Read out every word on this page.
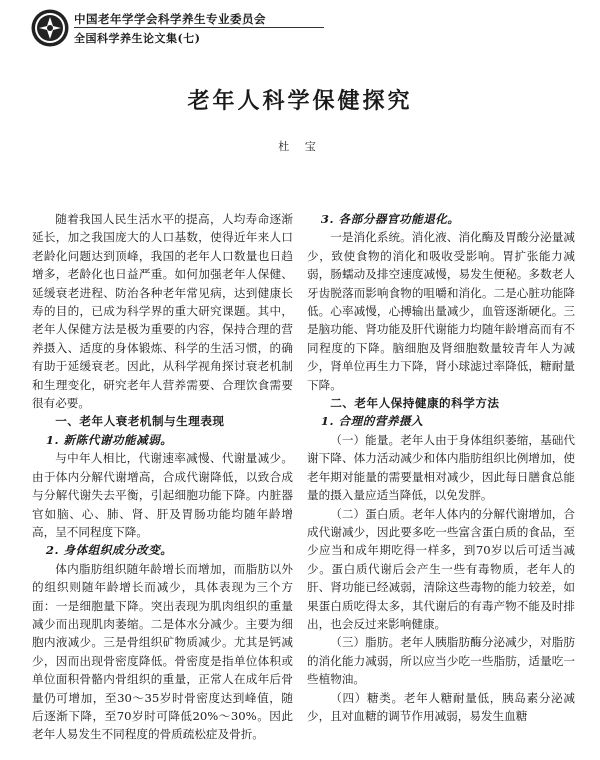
中国老年学学会科学养生专业委员会
全国科学养生论文集(七)
老年人科学保健探究
杜 宝

随着我国人民生活水平的提高，人均寿命逐渐延长，加之我国庞大的人口基数，使得近年来人口老龄化问题达到顶峰，我国的老年人口数量也日趋增多，老龄化也日益严重。如何加强老年人保健、延缓衰老进程、防治各种老年常见病，达到健康长寿的目的，已成为科学界的重大研究课题。其中，老年人保健方法是极为重要的内容，保持合理的营养摄入、适度的身体锻炼、科学的生活习惯，的确有助于延缓衰老。因此，从科学视角探讨衰老机制和生理变化，研究老年人营养需要、合理饮食需要很有必要。

一、老年人衰老机制与生理表现
1. 新陈代谢功能减弱。

与中年人相比，代谢速率减慢、代谢量减少。由于体内分解代谢增高，合成代谢降低，以致合成与分解代谢失去平衡，引起细胞功能下降。内脏器官如脑、心、肺、肾、肝及胃肠功能均随年龄增高，呈不同程度下降。

2. 身体组织成分改变。

体内脂肪组织随年龄增长而增加，而脂肪以外的组织则随年龄增长而减少，具体表现为三个方面：一是细胞量下降。突出表现为肌肉组织的重量减少而出现肌肉萎缩。二是体水分减少。主要为细胞内液减少。三是骨组织矿物质减少。尤其是钙减少，因而出现骨密度降低。骨密度是指单位体积或单位面积骨骼内骨组织的重量，正常人在成年后骨量仍可增加，至30～35岁时骨密度达到峰值，随后逐渐下降，至70岁时可降低20%～30%。因此老年人易发生不同程度的骨质疏松症及骨折。

3. 各部分器官功能退化。

一是消化系统。消化液、消化酶及胃酸分泌量减少，致使食物的消化和吸收受影响。胃扩张能力减弱，肠蠕动及排空速度减慢，易发生便秘。多数老人牙齿脱落而影响食物的咀嚼和消化。二是心脏功能降低。心率减慢，心搏输出量减少，血管逐渐硬化。三是脑功能、肾功能及肝代谢能力均随年龄增高而有不同程度的下降。脑细胞及肾细胞数量较青年人为减少，肾单位再生力下降，肾小球滤过率降低，糖耐量下降。

二、老年人保持健康的科学方法
1. 合理的营养摄入

（一）能量。老年人由于身体组织萎缩，基础代谢下降、体力活动减少和体内脂肪组织比例增加，使老年期对能量的需要量相对减少，因此每日膳食总能量的摄入量应适当降低，以免发胖。

（二）蛋白质。老年人体内的分解代谢增加，合成代谢减少，因此要多吃一些富含蛋白质的食品，至少应当和成年期吃得一样多，到70岁以后可适当减少。蛋白质代谢后会产生一些有毒物质，老年人的肝、肾功能已经减弱，清除这些毒物的能力较差，如果蛋白质吃得太多，其代谢后的有毒产物不能及时排出，也会反过来影响健康。

（三）脂肪。老年人胰脂肪酶分泌减少，对脂肪的消化能力减弱，所以应当少吃一些脂肪，适量吃一些植物油。

（四）糖类。老年人糖耐量低，胰岛素分泌减少，且对血糖的调节作用减弱，易发生血糖
